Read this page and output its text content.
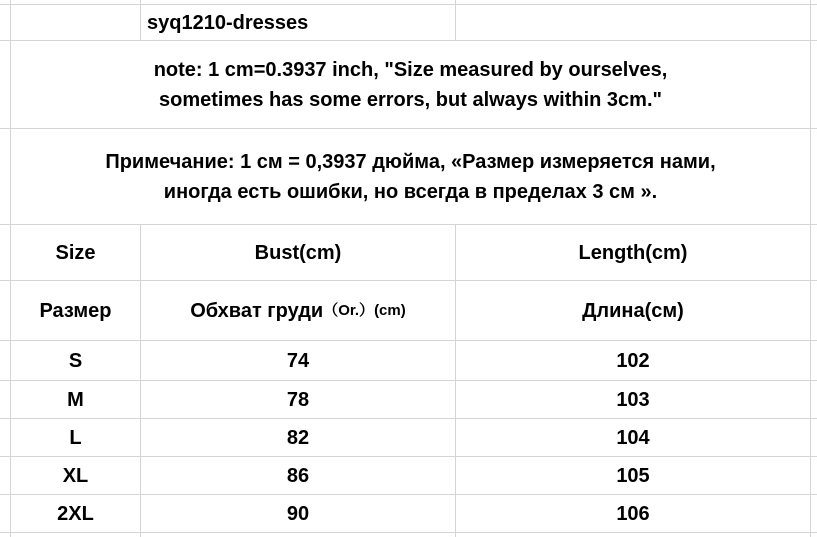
syq1210-dresses
note: 1 cm=0.3937 inch, "Size measured by ourselves,
sometimes has some errors, but always within 3cm."
Примечание: 1 см = 0,3937 дюйма, «Размер измеряется нами,
иногда есть ошибки, но всегда в пределах 3 см ».
Size	Bust(cm)	Length(cm)
Размер	Обхват груди （Or.） (cm)	Длина(см)
S	74	102
M	78	103
L	82	104
XL	86	105
2XL	90	106
